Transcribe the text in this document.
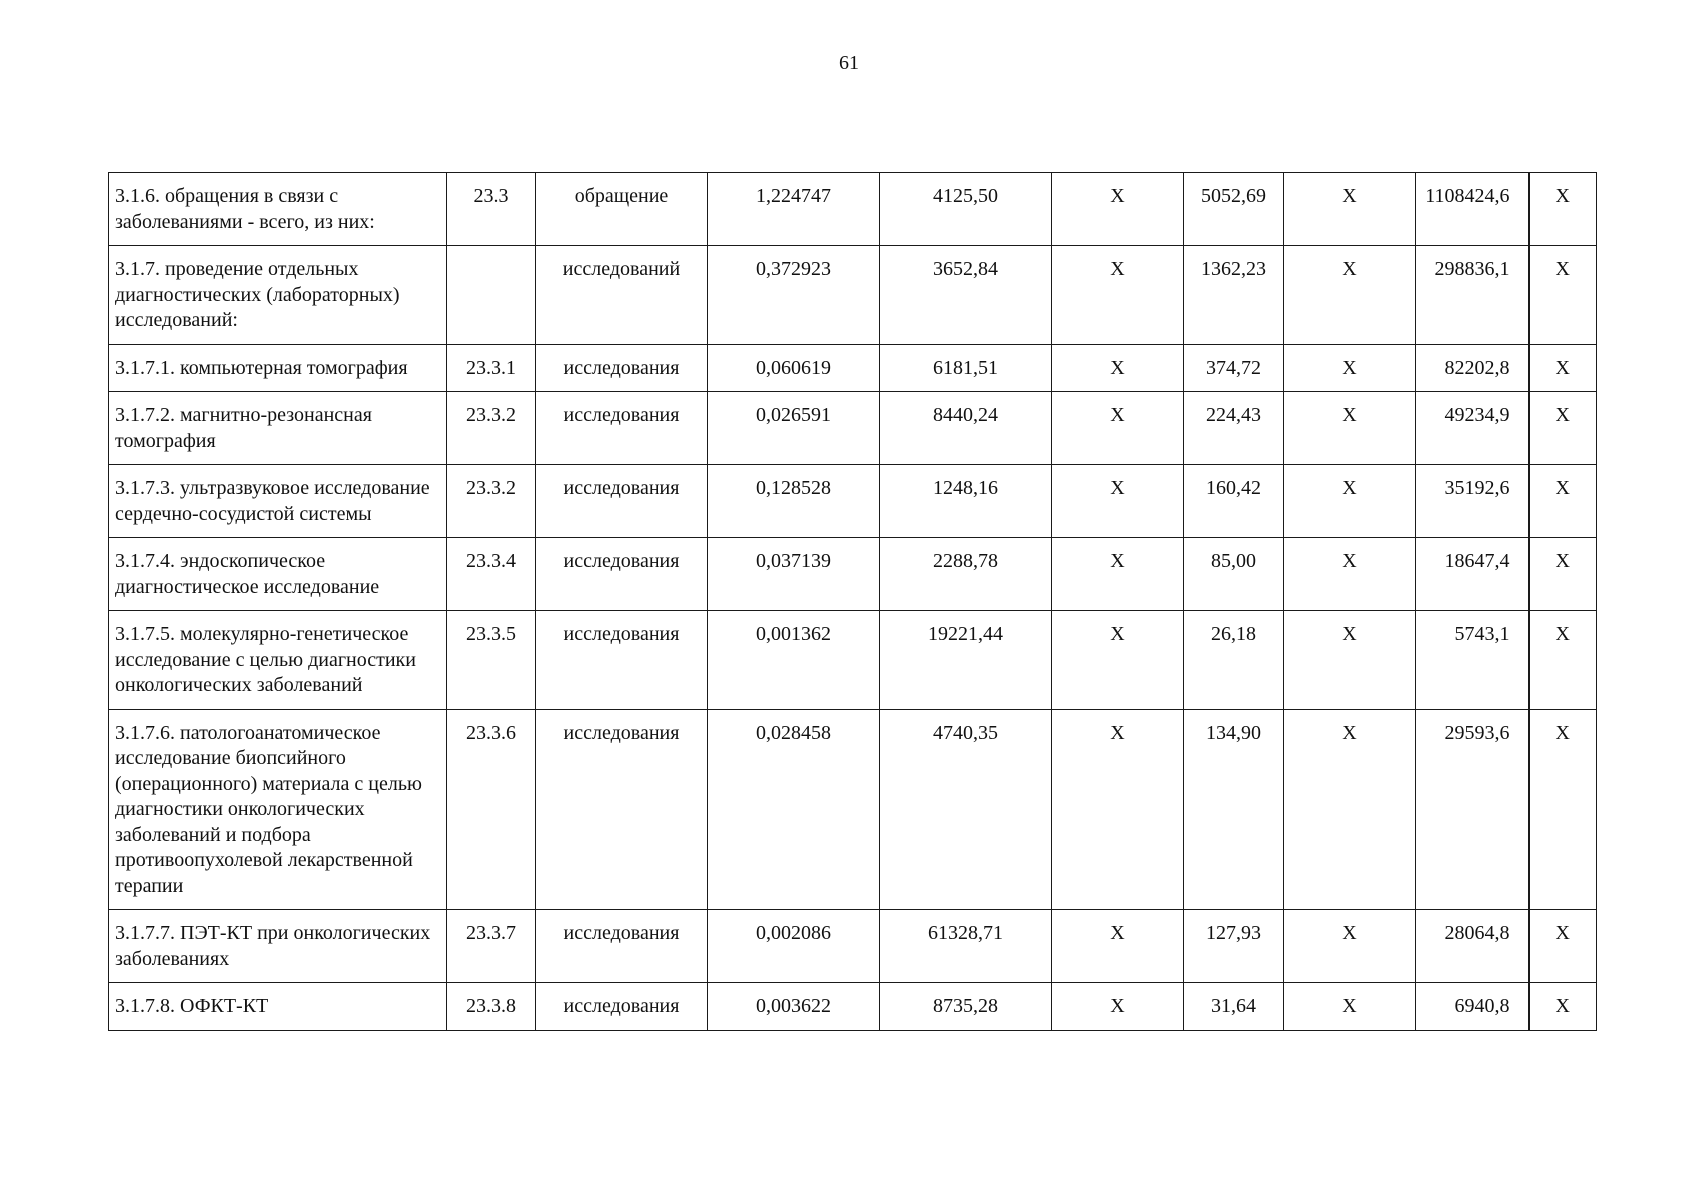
61
3.1.6. обращения в связи с заболеваниями - всего, из них:	23.3	обращение	1,224747	4125,50	Х	5052,69	Х	1108424,6	Х
3.1.7. проведение отдельных диагностических (лабораторных) исследований:		исследований	0,372923	3652,84	Х	1362,23	Х	298836,1	Х
3.1.7.1. компьютерная томография	23.3.1	исследования	0,060619	6181,51	Х	374,72	Х	82202,8	Х
3.1.7.2. магнитно-резонансная томография	23.3.2	исследования	0,026591	8440,24	Х	224,43	Х	49234,9	Х
3.1.7.3. ультразвуковое исследование сердечно-сосудистой системы	23.3.2	исследования	0,128528	1248,16	Х	160,42	Х	35192,6	Х
3.1.7.4. эндоскопическое диагностическое исследование	23.3.4	исследования	0,037139	2288,78	Х	85,00	Х	18647,4	Х
3.1.7.5. молекулярно-генетическое исследование с целью диагностики онкологических заболеваний	23.3.5	исследования	0,001362	19221,44	Х	26,18	Х	5743,1	Х
3.1.7.6. патологоанатомическое исследование биопсийного (операционного) материала с целью диагностики онкологических заболеваний и подбора противоопухолевой лекарственной терапии	23.3.6	исследования	0,028458	4740,35	Х	134,90	Х	29593,6	Х
3.1.7.7. ПЭТ-КТ при онкологических заболеваниях	23.3.7	исследования	0,002086	61328,71	Х	127,93	Х	28064,8	Х
3.1.7.8. ОФКТ-КТ	23.3.8	исследования	0,003622	8735,28	Х	31,64	Х	6940,8	Х
